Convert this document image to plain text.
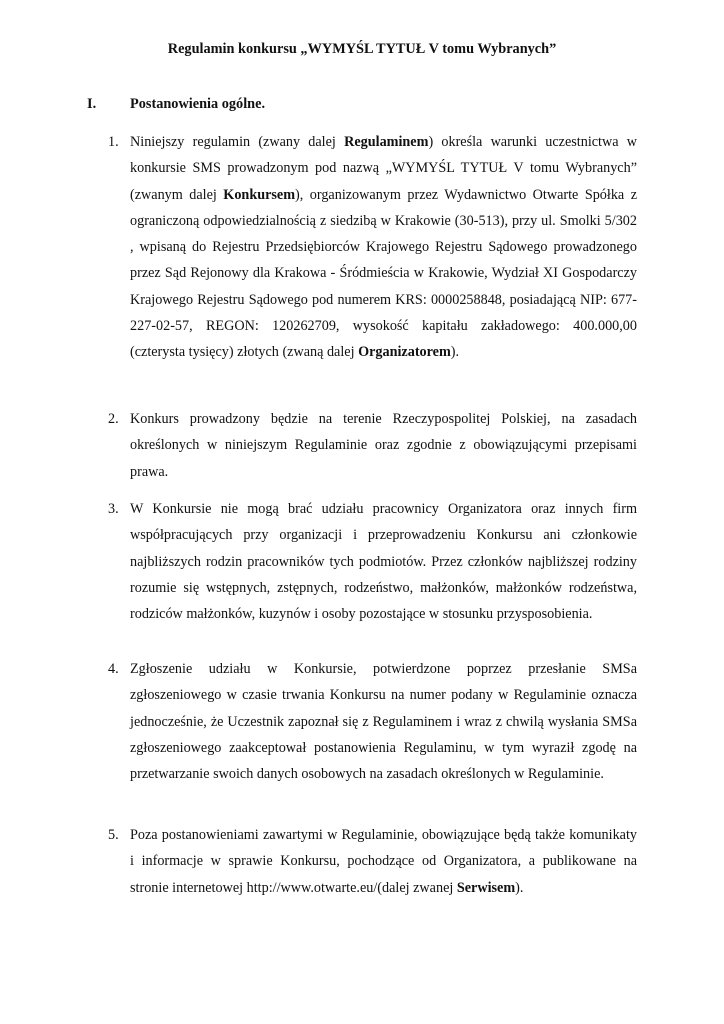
Regulamin konkursu „WYMYŚL TYTUŁ V tomu Wybranych”
I. Postanowienia ogólne.
1. Niniejszy regulamin (zwany dalej Regulaminem) określa warunki uczestnictwa w konkursie SMS prowadzonym pod nazwą „WYMYŚL TYTUŁ V tomu Wybranych” (zwanym dalej Konkursem), organizowanym przez Wydawnictwo Otwarte Spółka z ograniczoną odpowiedzialnością z siedzibą w Krakowie (30-513), przy ul. Smolki 5/302 , wpisaną do Rejestru Przedsiębiorców Krajowego Rejestru Sądowego prowadzonego przez Sąd Rejonowy dla Krakowa - Śródmieścia w Krakowie, Wydział XI Gospodarczy Krajowego Rejestru Sądowego pod numerem KRS: 0000258848, posiadającą NIP: 677-227-02-57, REGON: 120262709, wysokość kapitału zakładowego: 400.000,00 (czterysta tysięcy) złotych (zwaną dalej Organizatorem).
2. Konkurs prowadzony będzie na terenie Rzeczypospolitej Polskiej, na zasadach określonych w niniejszym Regulaminie oraz zgodnie z obowiązującymi przepisami prawa.
3. W Konkursie nie mogą brać udziału pracownicy Organizatora oraz innych firm współpracujących przy organizacji i przeprowadzeniu Konkursu ani członkowie najbliższych rodzin pracowników tych podmiotów. Przez członków najbliższej rodziny rozumie się wstępnych, zstępnych, rodzeństwo, małżonków, małżonków rodzeństwa, rodziców małżonków, kuzynów i osoby pozostające w stosunku przysposobienia.
4. Zgłoszenie udziału w Konkursie, potwierdzone poprzez przesłanie SMSa zgłoszeniowego w czasie trwania Konkursu na numer podany w Regulaminie oznacza jednocześnie, że Uczestnik zapoznał się z Regulaminem i wraz z chwilą wysłania SMSa zgłoszeniowego zaakceptował postanowienia Regulaminu, w tym wyraził zgodę na przetwarzanie swoich danych osobowych na zasadach określonych w Regulaminie.
5. Poza postanowieniami zawartymi w Regulaminie, obowiązujące będą także komunikaty i informacje w sprawie Konkursu, pochodzące od Organizatora, a publikowane na stronie internetowej http://www.otwarte.eu/(dalej zwanej Serwisem).
